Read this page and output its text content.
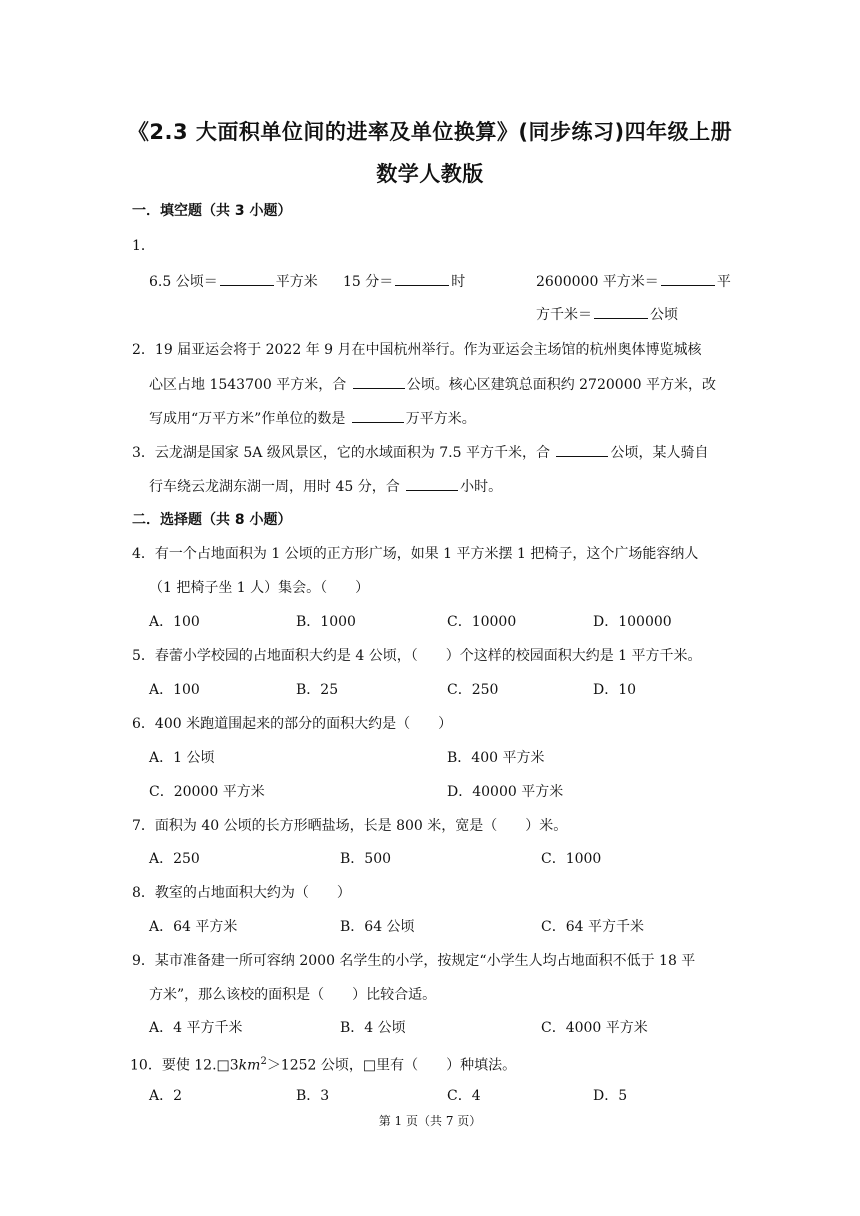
《2.3 大面积单位间的进率及单位换算》(同步练习)四年级上册
数学人教版
一．填空题（共 3 小题）
1．
6.5 公顷＝	平方米 15 分＝	时	2600000 平方米＝	平
方千米＝	公顷
2．19 届亚运会将于 2022 年 9 月在中国杭州举行。作为亚运会主场馆的杭州奥体博览城核
心区占地 1543700 平方米，合	公顷。核心区建筑总面积约 2720000 平方米，改
写成用“万平方米”作单位的数是	万平方米。
3．云龙湖是国家 5A 级风景区，它的水域面积为 7.5 平方千米，合	公顷，某人骑自
行车绕云龙湖东湖一周，用时 45 分，合	小时。
二．选择题（共 8 小题）
4．有一个占地面积为 1 公顷的正方形广场，如果 1 平方米摆 1 把椅子，这个广场能容纳人
（1 把椅子坐 1 人）集会。（　　）
A．100	B．1000	C．10000	D．100000
5．春蕾小学校园的占地面积大约是 4 公顷，（　　）个这样的校园面积大约是 1 平方千米。
A．100	B．25	C．250	D．10
6．400 米跑道围起来的部分的面积大约是（　　）
A．1 公顷	B．400 平方米
C．20000 平方米	D．40000 平方米
7．面积为 40 公顷的长方形晒盐场，长是 800 米，宽是（　　）米。
A．250	B．500	C．1000
8．教室的占地面积大约为（　　）
A．64 平方米	B．64 公顷	C．64 平方千米
9．某市准备建一所可容纳 2000 名学生的小学，按规定“小学生人均占地面积不低于 18 平
方米”，那么该校的面积是（　　）比较合适。
A．4 平方千米	B．4 公顷	C．4000 平方米
10．要使 $12.□3km^2>1252$ 公顷，□里有（　　）种填法。
A．2	B．3	C．4	D．5
第 1 页（共 7 页）
